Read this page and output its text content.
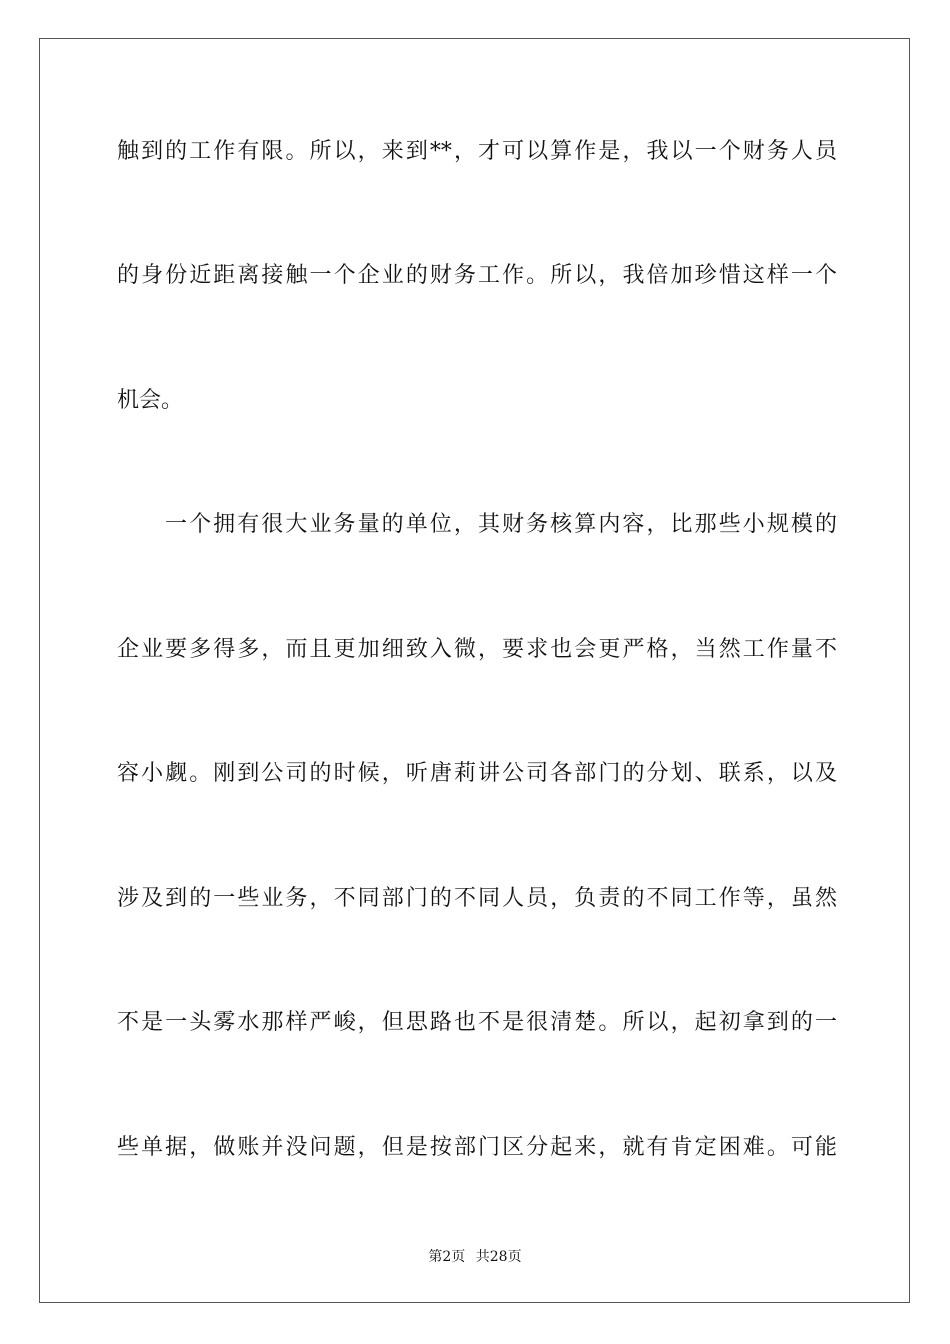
触到的工作有限。所以，来到**，才可以算作是，我以一个财务人员
的身份近距离接触一个企业的财务工作。所以，我倍加珍惜这样一个
机会。
一个拥有很大业务量的单位，其财务核算内容，比那些小规模的
企业要多得多，而且更加细致入微，要求也会更严格，当然工作量不
容小觑。刚到公司的时候，听唐莉讲公司各部门的分划、联系，以及
涉及到的一些业务，不同部门的不同人员，负责的不同工作等，虽然
不是一头雾水那样严峻，但思路也不是很清楚。所以，起初拿到的一
些单据，做账并没问题，但是按部门区分起来，就有肯定困难。可能
第2页 共28页
